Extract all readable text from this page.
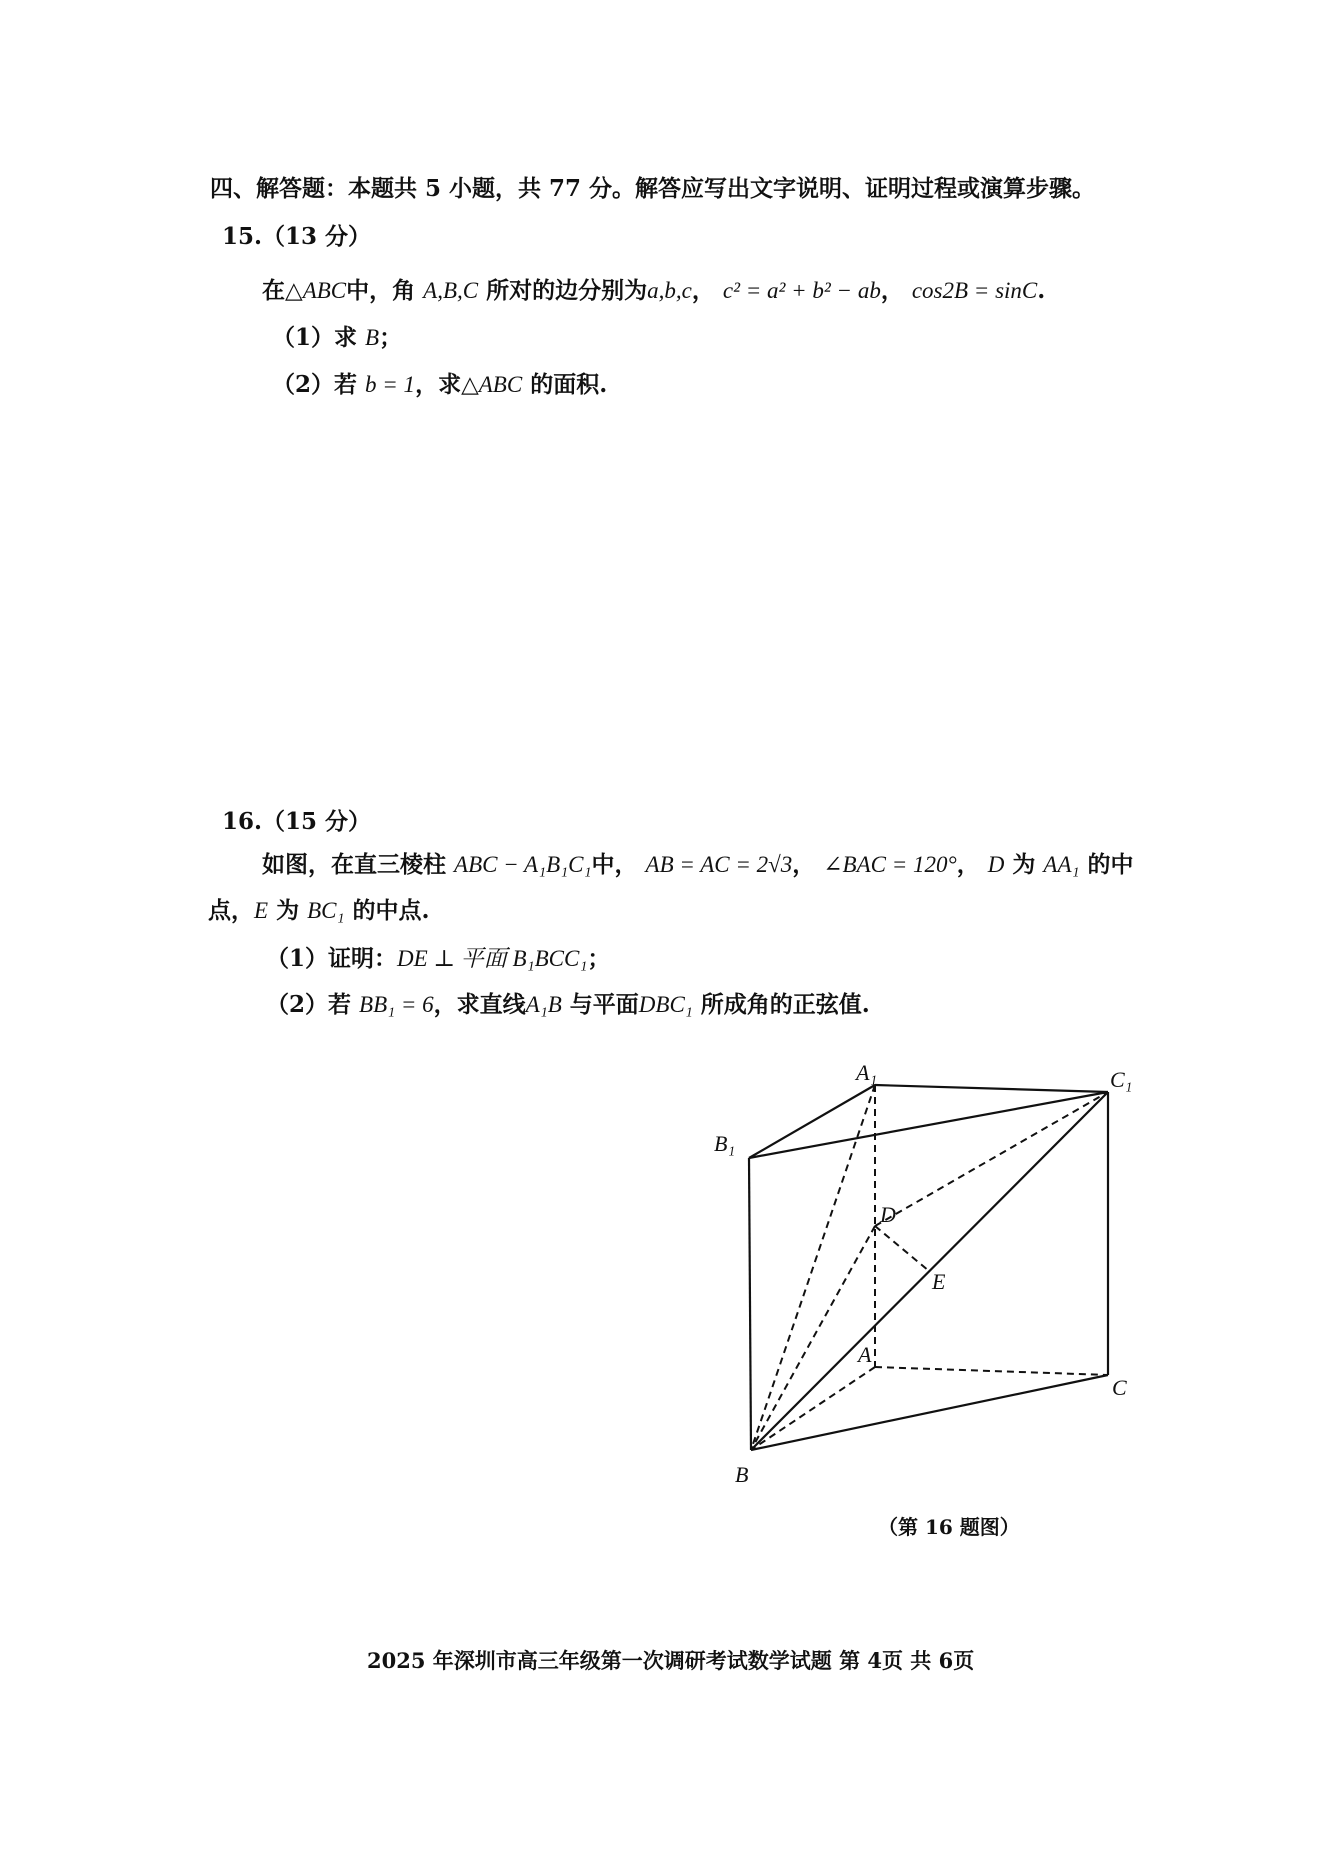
四、解答题：本题共 5 小题，共 77 分。解答应写出文字说明、证明过程或演算步骤。
15.（13 分）
在△ABC中，角 A,B,C 所对的边分别为a,b,c， c² = a² + b² − ab， cos2B = sinC.
（1）求 B；
（2）若 b = 1，求△ABC 的面积.
16.（15 分）
如图，在直三棱柱 ABC − A₁B₁C₁中， AB = AC = 2√3， ∠BAC = 120°， D 为 AA₁ 的中
点，E 为 BC₁ 的中点.
（1）证明：DE ⊥ 平面 B₁BCC₁；
（2）若 BB₁ = 6，求直线A₁B 与平面DBC₁ 所成角的正弦值.
A₁	C₁
B₁
D
E
A
C
B
（第 16 题图）
2025 年深圳市高三年级第一次调研考试数学试题 第 4页 共 6页
